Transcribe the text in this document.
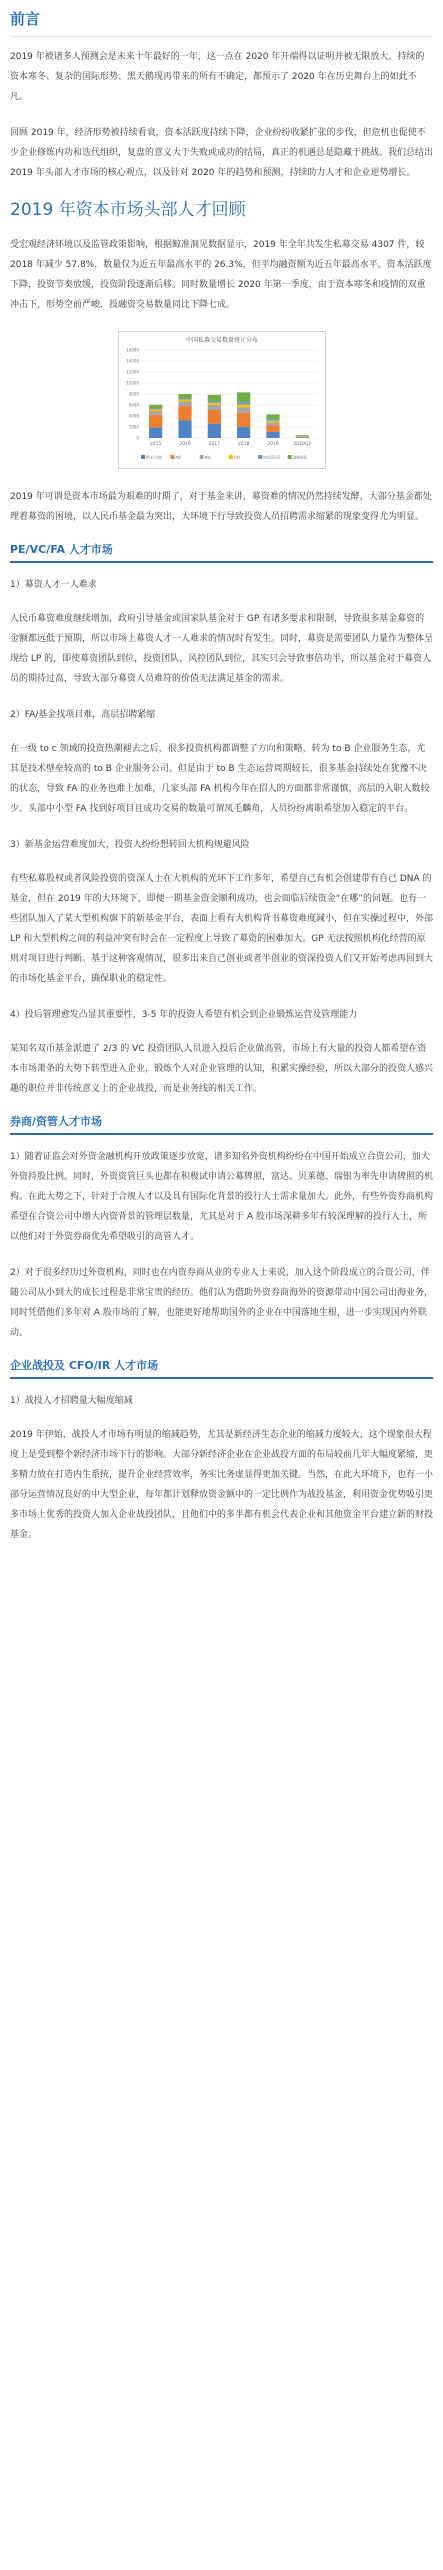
前言

2019 年被诸多人预测会是未来十年最好的一年，这一点在 2020 年开端得以证明并被无限放大。持续的资本寒冬、复杂的国际形势、黑天鹅现再带来的所有不确定，都预示了 2020 年在历史舞台上的如此不凡。

回顾 2019 年，经济形势被持续看衰，资本活跃度持续下降，企业纷纷收紧扩张的步伐，但危机也促使不少企业修炼内功和迭代组织，复盘的意义大于失败或成功的结局，真正的机遇总是隐藏于挑战。我们总结出 2019 年头部人才市场的核心观点，以及针对 2020 年的趋势和预测，持续助力人才和企业逆势增长。

2019 年资本市场头部人才回顾

受宏观经济环境以及监管政策影响，根据鲸准洞见数据显示，2019 年全年共发生私募交易 4307 件，较 2018 年减少 57.8%，数量仅为近五年最高水平的 26.3%，但平均融资额为近五年最高水平。资本活跃度下降，投资节奏放缓，投资阶段逐渐后移。同时数量增长 2020 年第一季度，由于资本寒冬和疫情的双重冲击下，形势空前严峻，投融资交易数量同比下降七成。

中国私募交易数量统计分布
0
2000
4000
6000
8000
10000
12000
14000
16000
2015	2016	2017	2018	2019	2020Q1
种子/天使	A轮	B轮	C轮	D轮及以后	战略投资

2019 年可谓是资本市场最为艰难的时期了，对于基金来讲，募资难的情况仍然持续发酵，大部分基金都处理着募资的困境，以人民币基金最为突出，大环境下行导致投资人员招聘需求缩紧的现象变得尤为明显。

PE/VC/FA 人才市场
1）募资人才一人难求

人民币募资难度继续增加，政府引导基金或国家队基金对于 GP 有诸多要求和限制，导致很多基金募资的金额都远低于预期，所以市场上募资人才一人难求的情况时有发生。同时，募资是需要团队力量作为整体呈现给 LP 的，即使募资团队到位，投资团队、风控团队到位，其实只会导致事倍功半，所以基金对于募资人员的期待过高，导致大部分募资人员难符的价值无法满足基金的需求。

2）FA/基金找项目难，高层招聘紧缩

在一级 to c 领域的投资热潮褪去之后，很多投资机构都调整了方向和策略，转为 to B 企业服务生态，尤其是技术壁垒较高的 to B 企业服务公司。但是由于 to B 生态运营周期较长，很多基金持续处在犹豫不决的状态，导致 FA 的业务也难上加难，几家头部 FA 机构今年在招人的方面都非常谨慎，高层的入职人数较少。头部中小型 FA 找到好项目且成功交易的数量可谓凤毛麟角，人员纷纷离职希望加入稳定的平台。

3）新基金运营难度加大，投资人纷纷想转回大机构规避风险

有些私募股权或者风险投资的资深人士在大机构的光环下工作多年，希望自己有机会创建带有自己 DNA 的基金，但在 2019 年的大环境下，即便一期基金资金顺利成功，也会面临后续资金“在哪”的问题。也有一些团队加入了某大型机构旗下的新基金平台，表面上看有大机构背书募资难度减小，但在实操过程中，外部LP 和大型机构之间的利益冲突有时会在一定程度上导致了募资的困难加大。GP 无法按照机构化经营的原则对项目进行判断。基于这种客观情况，很多出来自己创业或者半创业的资深投资人们又开始考虑再回到大的市场化基金平台，确保职业的稳定性。

4）投后管理愈发凸显其重要性，3-5 年的投资人希望有机会到企业锻炼运营及管理能力

某知名双币基金派遣了 2/3 的 VC 投资团队人员进入投后企业做高管，市场上有大量的投资人都希望在资本市场萧条的大势下转型进入企业，锻炼个人对企业管理的认知，积累实操经验，所以大部分的投资人感兴趣的职位并非传统意义上的企业战投，而是业务线的相关工作。

券商/资管人才市场

1）随着证监会对外资金融机构开放政策逐步放宽，诸多知名外资机构纷纷在中国开始成立合资公司，加大外资持股比例。同时，外资资管巨头也都在积极试申请公募牌照，富达、贝莱德、瑞银为率先申请牌照的机构。在此大势之下，针对于合规人才以及具有国际化背景的投行人士需求量加大。此外，有些外资券商机构希望在合资公司中增大内资背景的管理层数量，尤其是对于 A 股市场深耕多年有较深理解的投行人士，所以他们对于外资券商优先希望吸引的高管人才。

2）对于很多经历过外资机构，同时也在内资券商从业的专业人士来说，加入这个阶段成立的合资公司，伴随公司从小到大的成长过程是非常宝贵的经历。他们认为借助外资券商海外的资源带动中国公司出海业务，同时凭借他们多年对 A 股市场的了解，也能更好地帮助国外的企业在中国落地生根，进一步实现国内外联动。

企业战投及 CFO/IR 人才市场
1）战投人才招聘量大幅度缩减

2019 年伊始，战投人才市场有明显的缩减趋势，尤其是新经济生态企业的缩减力度较大，这个现象很大程度上是受到整个新经济市场下行的影响。大部分新经济企业在企业战投方面的布局较前几年大幅度紧缩，更多精力放在打造内生系统，提升企业经营效率，务实比务虚显得更加关键。当然，在此大环境下，也有一小部分运营情况良好的中大型企业，每年都计划释放资金额中的一定比例作为战投基金，利用资金优势吸引更多市场上优秀的投资人加入企业战投团队，且他们中的多半都有机会代表企业和其他资金平台建立新的财投基金。
